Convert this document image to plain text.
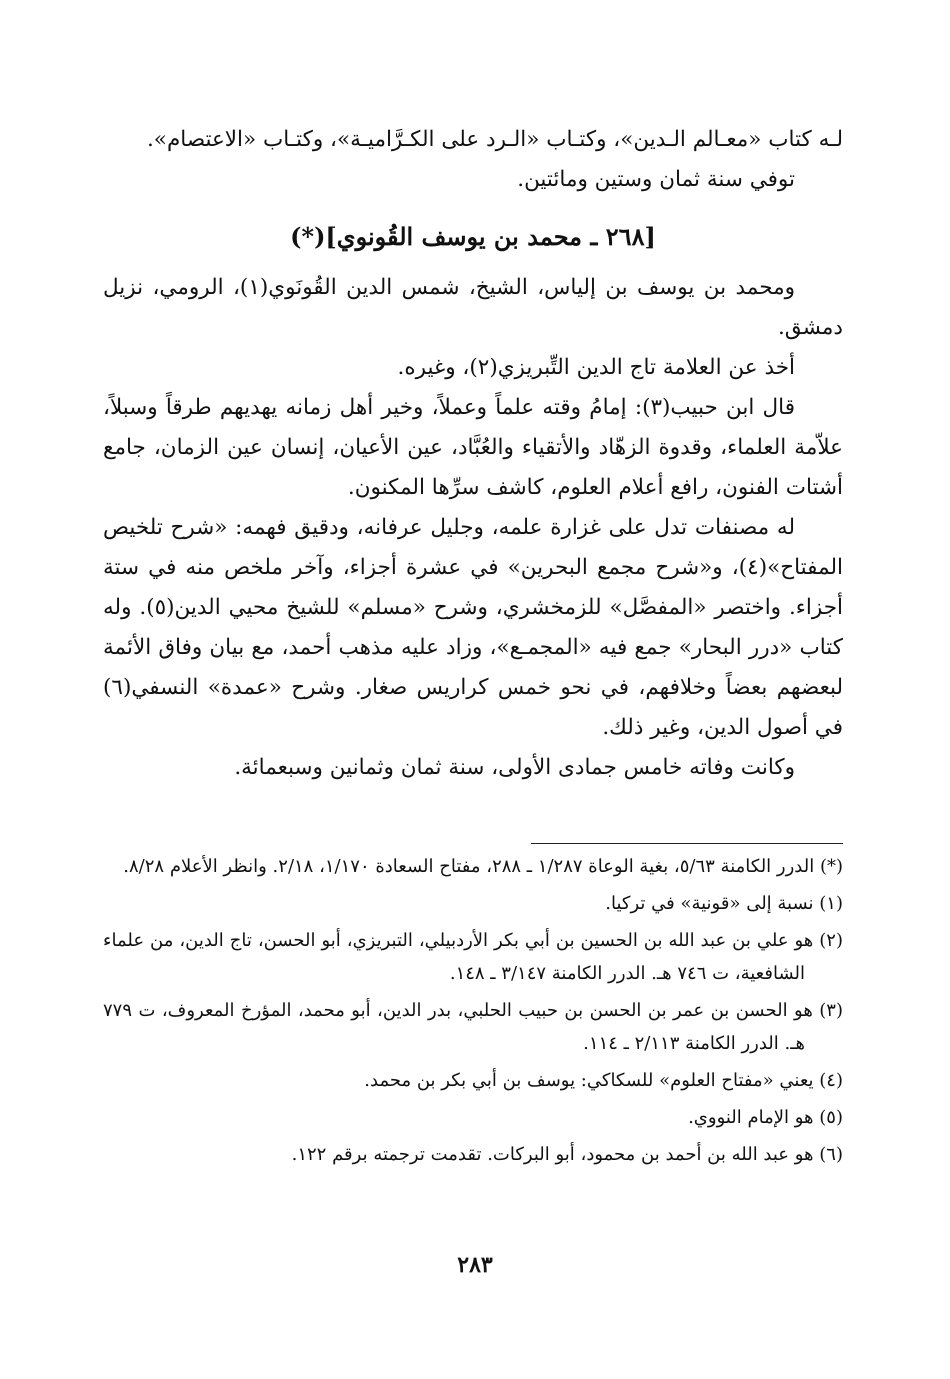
لـه كتاب «معـالم الـدين»، وكتـاب «الـرد على الكـرَّاميـة»، وكتـاب «الاعتصام».

توفي سنة ثمان وستين ومائتين.

[٢٦٨ ـ محمد بن يوسف القُونوي](*)

ومحمد بن يوسف بن إلياس، الشيخ، شمس الدين القُونَوي(١)، الرومي، نزيل دمشق.

أخذ عن العلامة تاج الدين التِّبريزي(٢)، وغيره.

قال ابن حبيب(٣): إمامُ وقته علماً وعملاً، وخير أهل زمانه يهديهم طرقاً وسبلاً، علاّمة العلماء، وقدوة الزهّاد والأتقياء والعُبَّاد، عين الأعيان، إنسان عين الزمان، جامع أشتات الفنون، رافع أعلام العلوم، كاشف سرِّها المكنون.

له مصنفات تدل على غزارة علمه، وجليل عرفانه، ودقيق فهمه: «شرح تلخيص المفتاح»(٤)، و«شرح مجمع البحرين» في عشرة أجزاء، وآخر ملخص منه في ستة أجزاء. واختصر «المفصَّل» للزمخشري، وشرح «مسلم» للشيخ محيي الدين(٥). وله كتاب «درر البحار» جمع فيه «المجمـع»، وزاد عليه مذهب أحمد، مع بيان وفاق الأئمة لبعضهم بعضاً وخلافهم، في نحو خمس كراريس صغار. وشرح «عمدة» النسفي(٦) في أصول الدين، وغير ذلك.

وكانت وفاته خامس جمادى الأولى، سنة ثمان وثمانين وسبعمائة.

(*) الدرر الكامنة ٥/٦٣، بغية الوعاة ١/٢٨٧ ـ ٢٨٨، مفتاح السعادة ١/١٧٠، ٢/١٨. وانظر الأعلام ٨/٢٨.

(١) نسبة إلى «قونية» في تركيا.

(٢) هو علي بن عبد الله بن الحسين بن أبي بكر الأردبيلي، التبريزي، أبو الحسن، تاج الدين، من علماء الشافعية، ت ٧٤٦ هـ. الدرر الكامنة ٣/١٤٧ ـ ١٤٨.

(٣) هو الحسن بن عمر بن الحسن بن حبيب الحلبي، بدر الدين، أبو محمد، المؤرخ المعروف، ت ٧٧٩ هـ. الدرر الكامنة ٢/١١٣ ـ ١١٤.

(٤) يعني «مفتاح العلوم» للسكاكي: يوسف بن أبي بكر بن محمد.

(٥) هو الإمام النووي.

(٦) هو عبد الله بن أحمد بن محمود، أبو البركات. تقدمت ترجمته برقم ١٢٢.

٢٨٣
